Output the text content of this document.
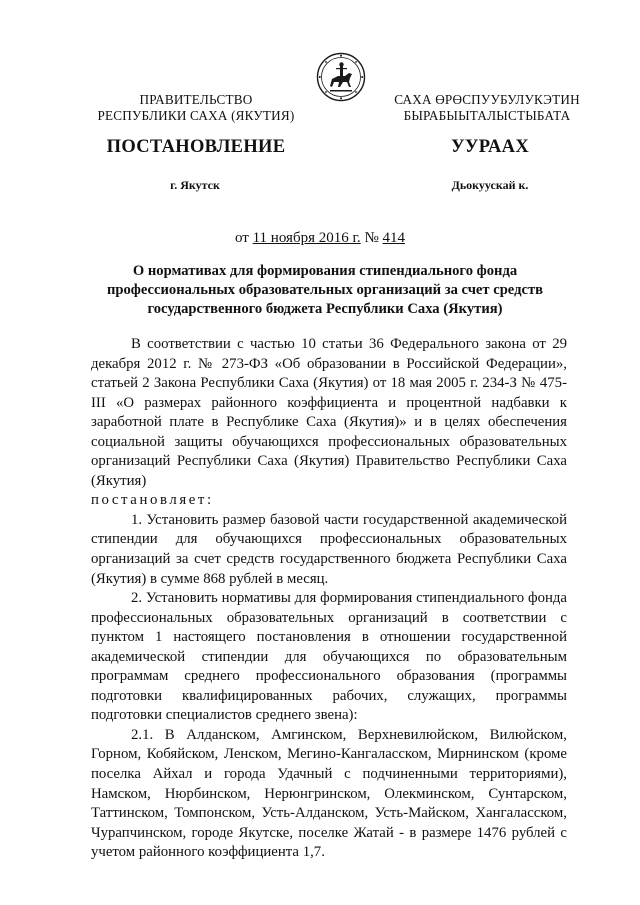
ПРАВИТЕЛЬСТВО
РЕСПУБЛИКИ САХА (ЯКУТИЯ)
САХА ӨРӨСПУУБУЛУКЭТИН
БЫРАБЫЫТАЛЫСТЫБАТА
ПОСТАНОВЛЕНИЕ	УУРААХ
г. Якутск	Дьокуускай к.
от 11 ноября 2016 г. № 414
О нормативах для формирования стипендиального фонда
профессиональных образовательных организаций за счет средств
государственного бюджета Республики Саха (Якутия)

В соответствии с частью 10 статьи 36 Федерального закона от 29 декабря 2012 г. № 273-ФЗ «Об образовании в Российской Федерации», статьей 2 Закона Республики Саха (Якутия) от 18 мая 2005 г. 234-З № 475-III «О размерах районного коэффициента и процентной надбавки к заработной плате в Республике Саха (Якутия)» и в целях обеспечения социальной защиты обучающихся профессиональных образовательных организаций Республики Саха (Якутия) Правительство Республики Саха (Якутия)

постановляет:

1. Установить размер базовой части государственной академической стипендии для обучающихся профессиональных образовательных организаций за счет средств государственного бюджета Республики Саха (Якутия) в сумме 868 рублей в месяц.

2. Установить нормативы для формирования стипендиального фонда профессиональных образовательных организаций в соответствии с пунктом 1 настоящего постановления в отношении государственной академической стипендии для обучающихся по образовательным программам среднего профессионального образования (программы подготовки квалифицированных рабочих, служащих, программы подготовки специалистов среднего звена):

2.1. В Алданском, Амгинском, Верхневилюйском, Вилюйском, Горном, Кобяйском, Ленском, Мегино-Кангаласском, Мирнинском (кроме поселка Айхал и города Удачный с подчиненными территориями), Намском, Нюрбинском, Нерюнгринском, Олекминском, Сунтарском, Таттинском, Томпонском, Усть-Алданском, Усть-Майском, Хангаласском, Чурапчинском, городе Якутске, поселке Жатай - в размере 1476 рублей с учетом районного коэффициента 1,7.
